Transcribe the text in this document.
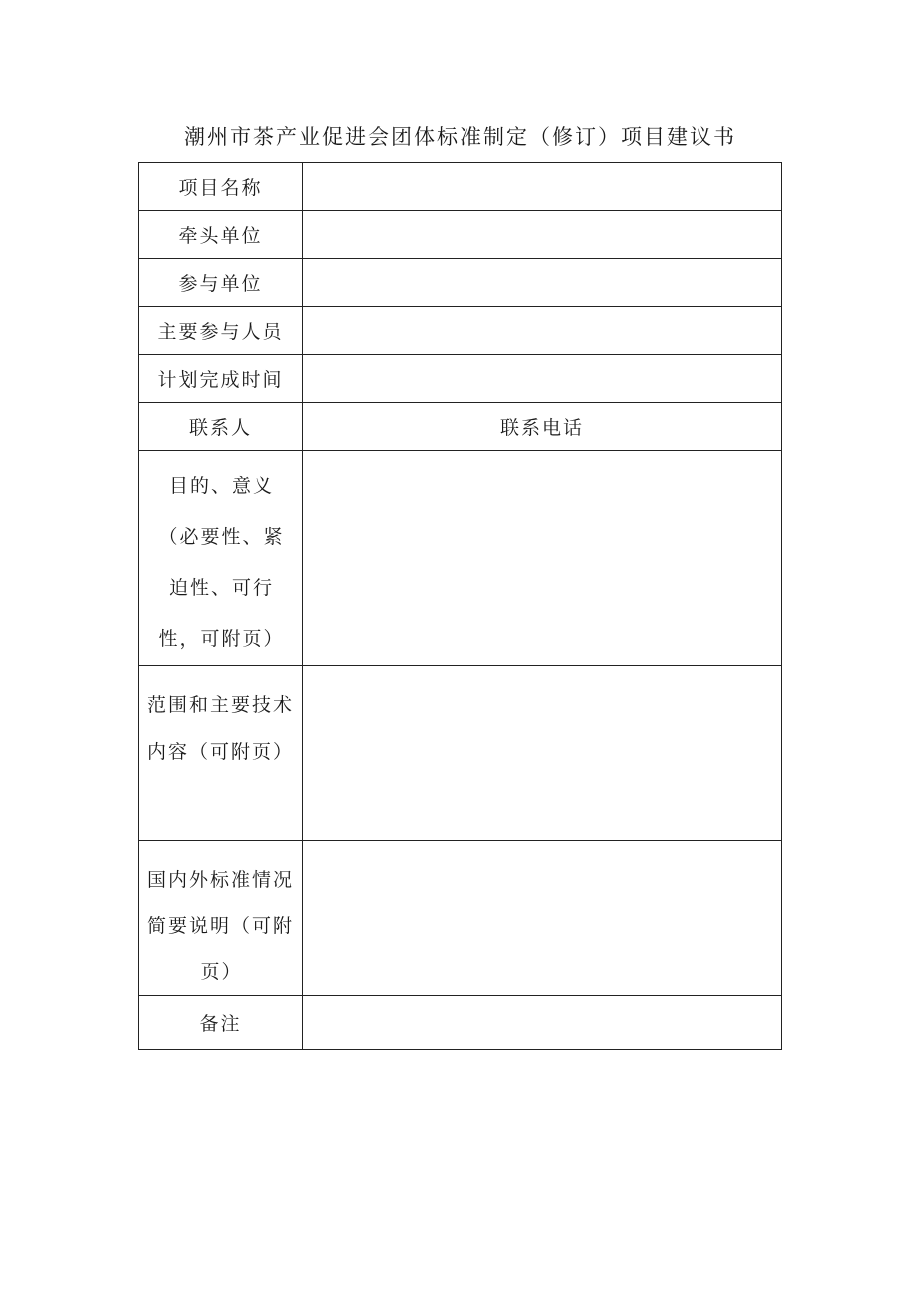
潮州市茶产业促进会团体标准制定（修订）项目建议书
项目名称	
牵头单位	
参与单位	
主要参与人员	
计划完成时间	
联系人	联系电话

目的、意义
（必要性、紧
迫性、可行
性，可附页）	

范围和主要技术
内容（可附页）	

国内外标准情况
简要说明（可附
页）	

备注	
